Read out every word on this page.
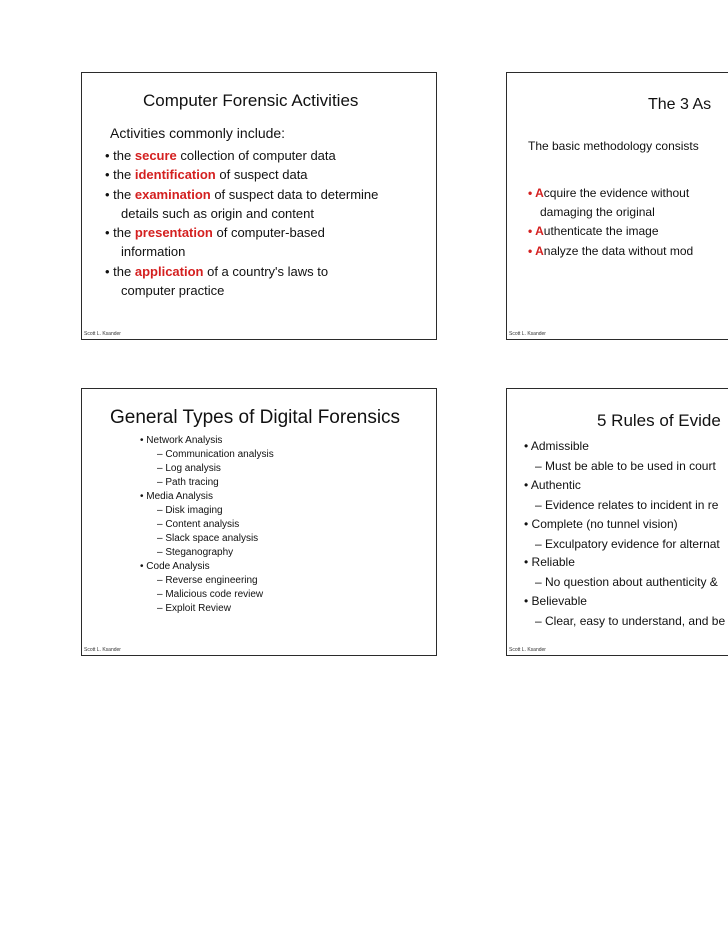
Computer Forensic Activities
Activities commonly include:
• the secure collection of computer data
• the identification of suspect data
• the examination of suspect data to determine
details such as origin and content
• the presentation of computer-based
information
• the application of a country's laws to
computer practice
Scott L. Ksander
The 3 As
The basic methodology consists
• Acquire the evidence without
damaging the original
• Authenticate the image
• Analyze the data without mod
Scott L. Ksander
General Types of Digital Forensics
• Network Analysis
– Communication analysis
– Log analysis
– Path tracing
• Media Analysis
– Disk imaging
– Content analysis
– Slack space analysis
– Steganography
• Code Analysis
– Reverse engineering
– Malicious code review
– Exploit Review
Scott L. Ksander
5 Rules of Evide
• Admissible
– Must be able to be used in court
• Authentic
– Evidence relates to incident in re
• Complete (no tunnel vision)
– Exculpatory evidence for alternat
• Reliable
– No question about authenticity &
• Believable
– Clear, easy to understand, and be
Scott L. Ksander
